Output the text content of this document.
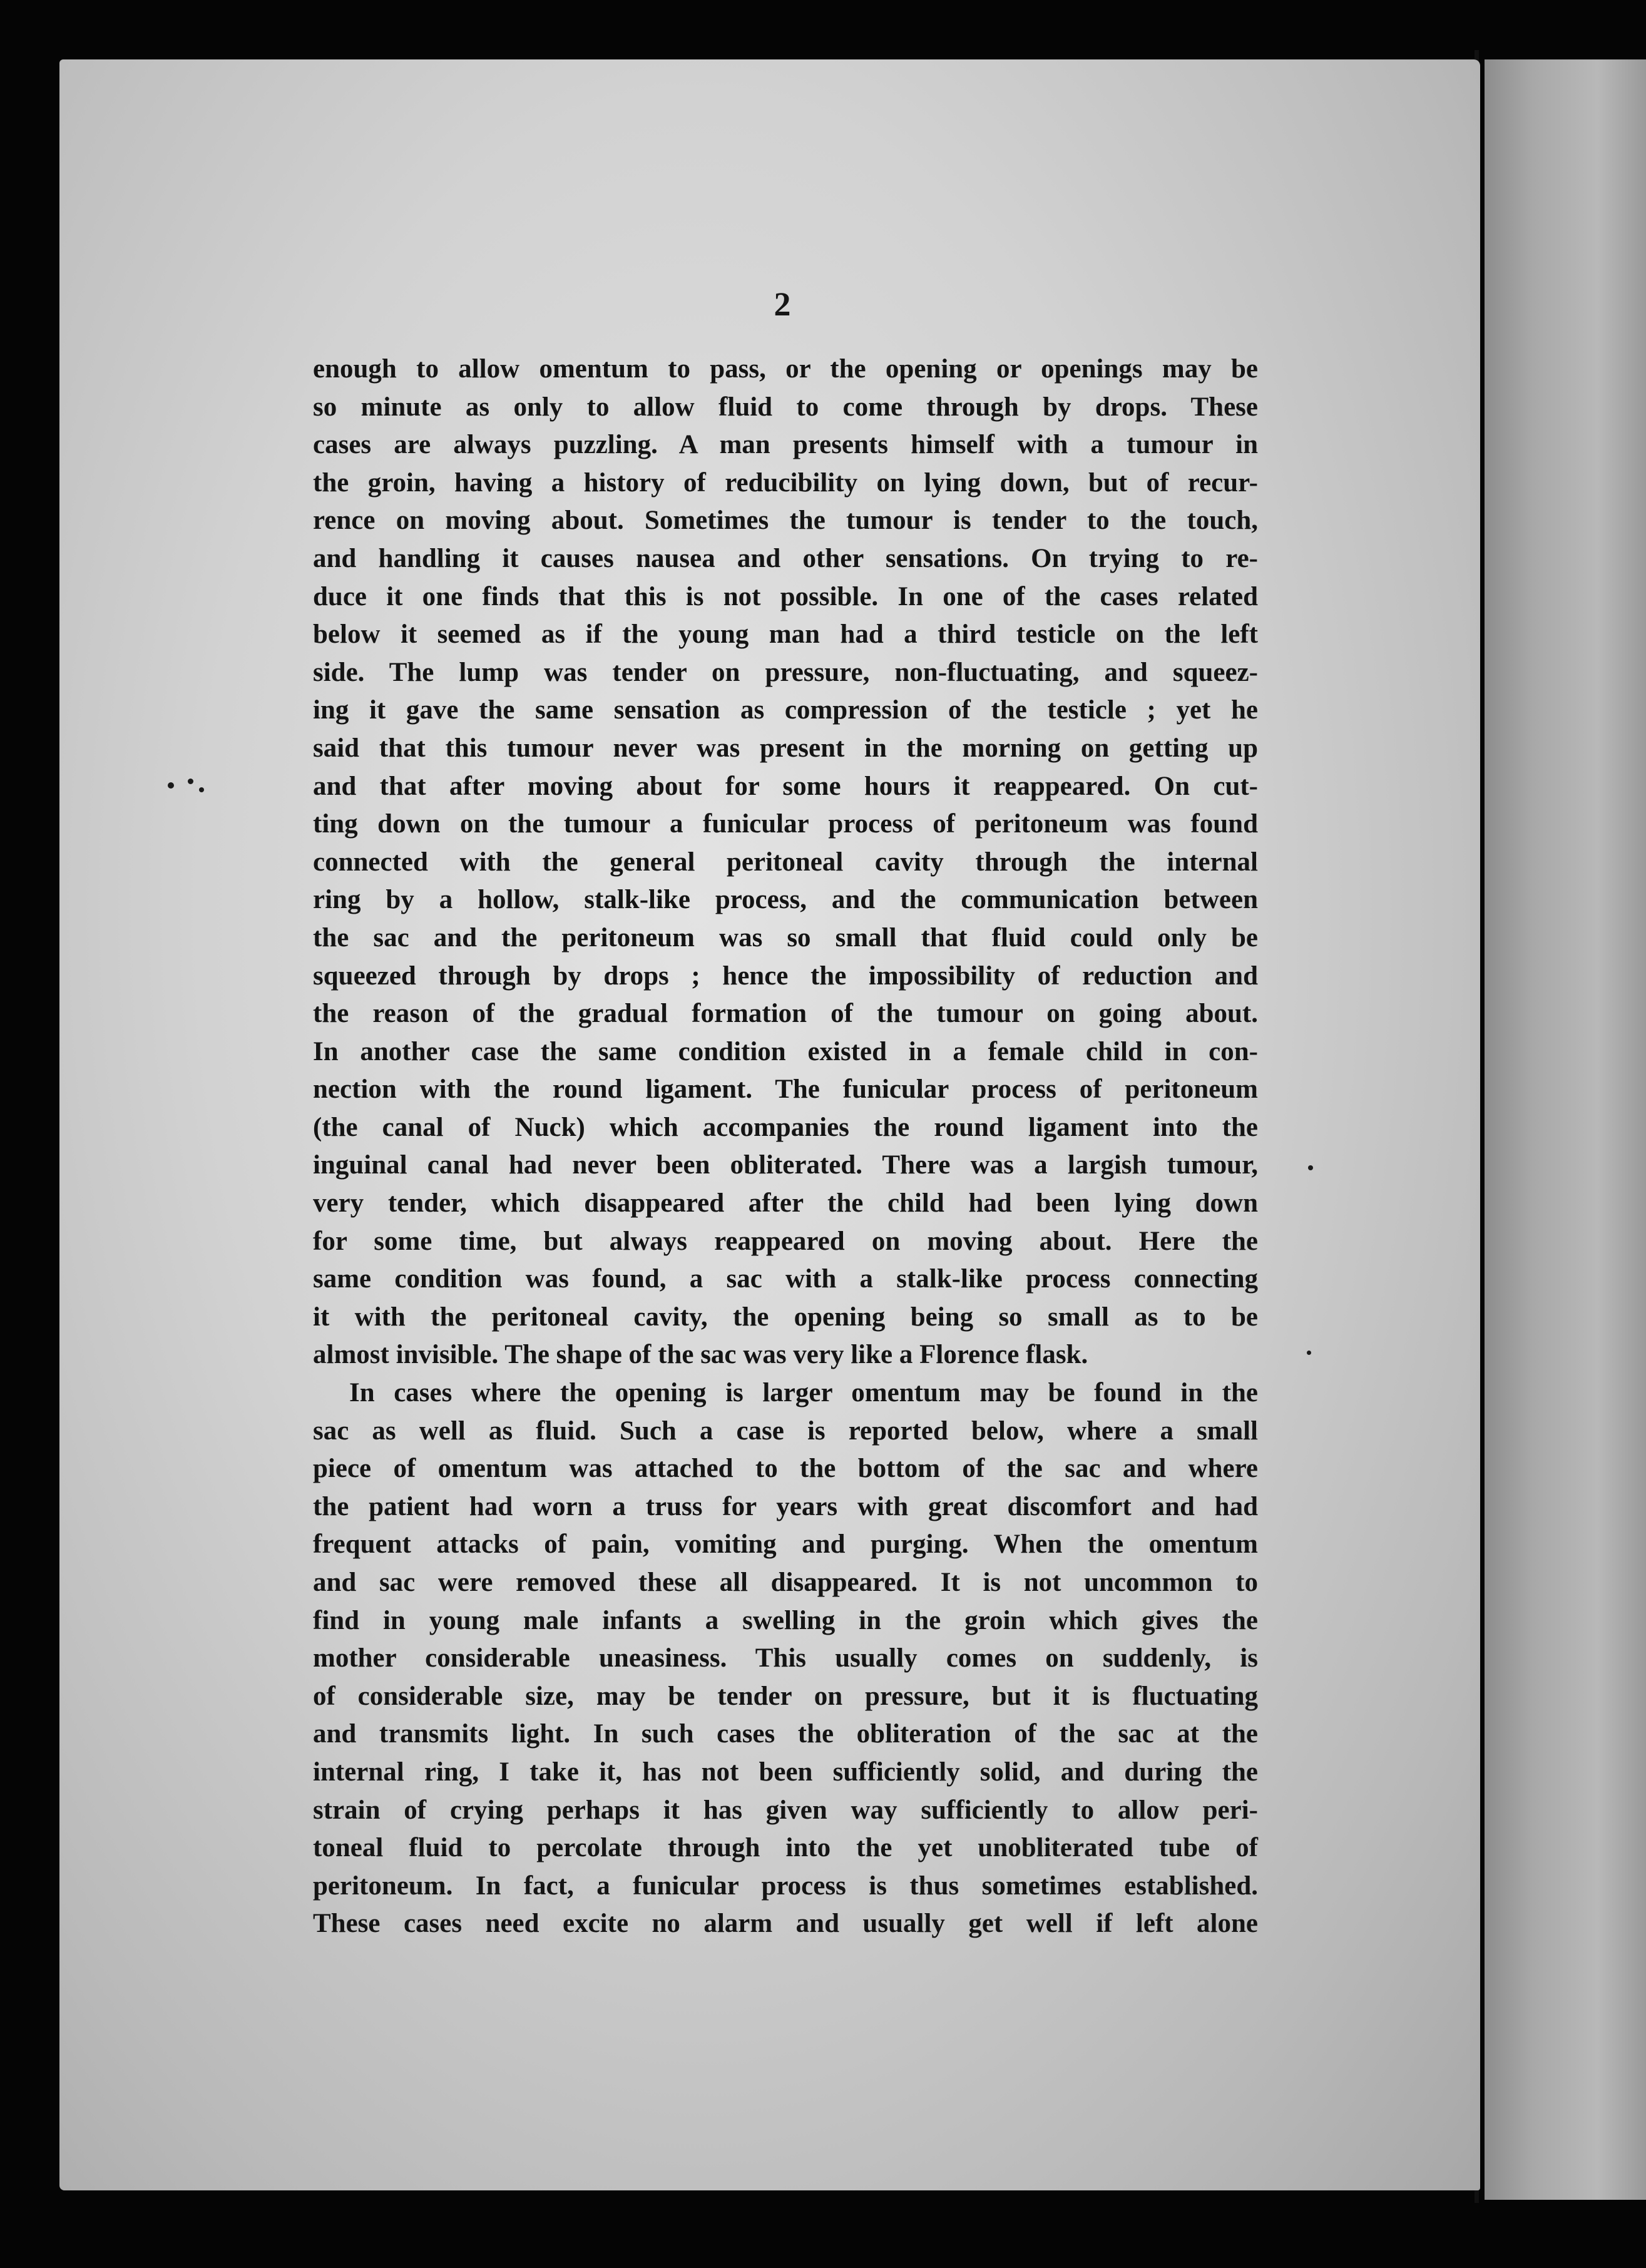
2
enough to allow omentum to pass, or the opening or openings may be
so minute as only to allow fluid to come through by drops. These
cases are always puzzling. A man presents himself with a tumour in
the groin, having a history of reducibility on lying down, but of recur-
rence on moving about. Sometimes the tumour is tender to the touch,
and handling it causes nausea and other sensations. On trying to re-
duce it one finds that this is not possible. In one of the cases related
below it seemed as if the young man had a third testicle on the left
side. The lump was tender on pressure, non-fluctuating, and squeez-
ing it gave the same sensation as compression of the testicle ; yet he
said that this tumour never was present in the morning on getting up
and that after moving about for some hours it reappeared. On cut-
ting down on the tumour a funicular process of peritoneum was found
connected with the general peritoneal cavity through the internal
ring by a hollow, stalk-like process, and the communication between
the sac and the peritoneum was so small that fluid could only be
squeezed through by drops ; hence the impossibility of reduction and
the reason of the gradual formation of the tumour on going about.
In another case the same condition existed in a female child in con-
nection with the round ligament. The funicular process of peritoneum
(the canal of Nuck) which accompanies the round ligament into the
inguinal canal had never been obliterated. There was a largish tumour,
very tender, which disappeared after the child had been lying down
for some time, but always reappeared on moving about. Here the
same condition was found, a sac with a stalk-like process connecting
it with the peritoneal cavity, the opening being so small as to be
almost invisible. The shape of the sac was very like a Florence flask.
In cases where the opening is larger omentum may be found in the
sac as well as fluid. Such a case is reported below, where a small
piece of omentum was attached to the bottom of the sac and where
the patient had worn a truss for years with great discomfort and had
frequent attacks of pain, vomiting and purging. When the omentum
and sac were removed these all disappeared. It is not uncommon to
find in young male infants a swelling in the groin which gives the
mother considerable uneasiness. This usually comes on suddenly, is
of considerable size, may be tender on pressure, but it is fluctuating
and transmits light. In such cases the obliteration of the sac at the
internal ring, I take it, has not been sufficiently solid, and during the
strain of crying perhaps it has given way sufficiently to allow peri-
toneal fluid to percolate through into the yet unobliterated tube of
peritoneum. In fact, a funicular process is thus sometimes established.
These cases need excite no alarm and usually get well if left alone
